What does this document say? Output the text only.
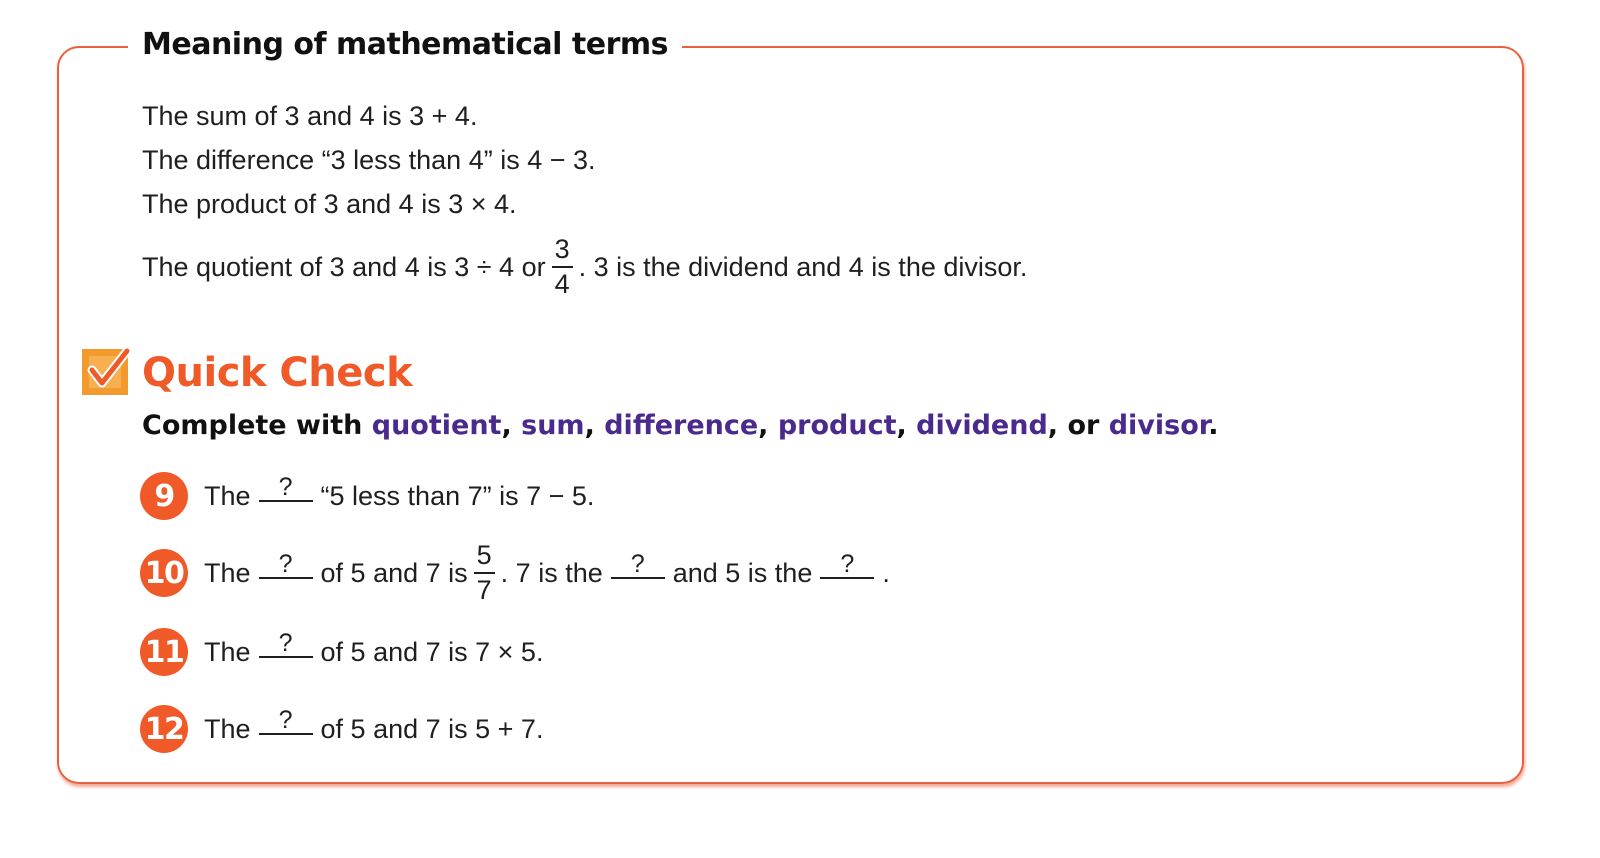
Meaning of mathematical terms
The sum of 3 and 4 is 3 + 4.
The difference “3 less than 4” is 4 − 3.
The product of 3 and 4 is 3 × 4.
The quotient of 3 and 4 is 3 ÷ 4 or $\frac{3}{4}$ . 3 is the dividend and 4 is the divisor.
Quick Check
Complete with quotient, sum, difference, product, dividend, or divisor.
9	The	?	“5 less than 7” is 7 − 5.
10 The	?	of 5 and 7 is $\frac{5}{7}$ . 7 is the	?	and 5 is the	?	.
11 The	?	of 5 and 7 is 7 × 5.
12 The	?	of 5 and 7 is 5 + 7.
